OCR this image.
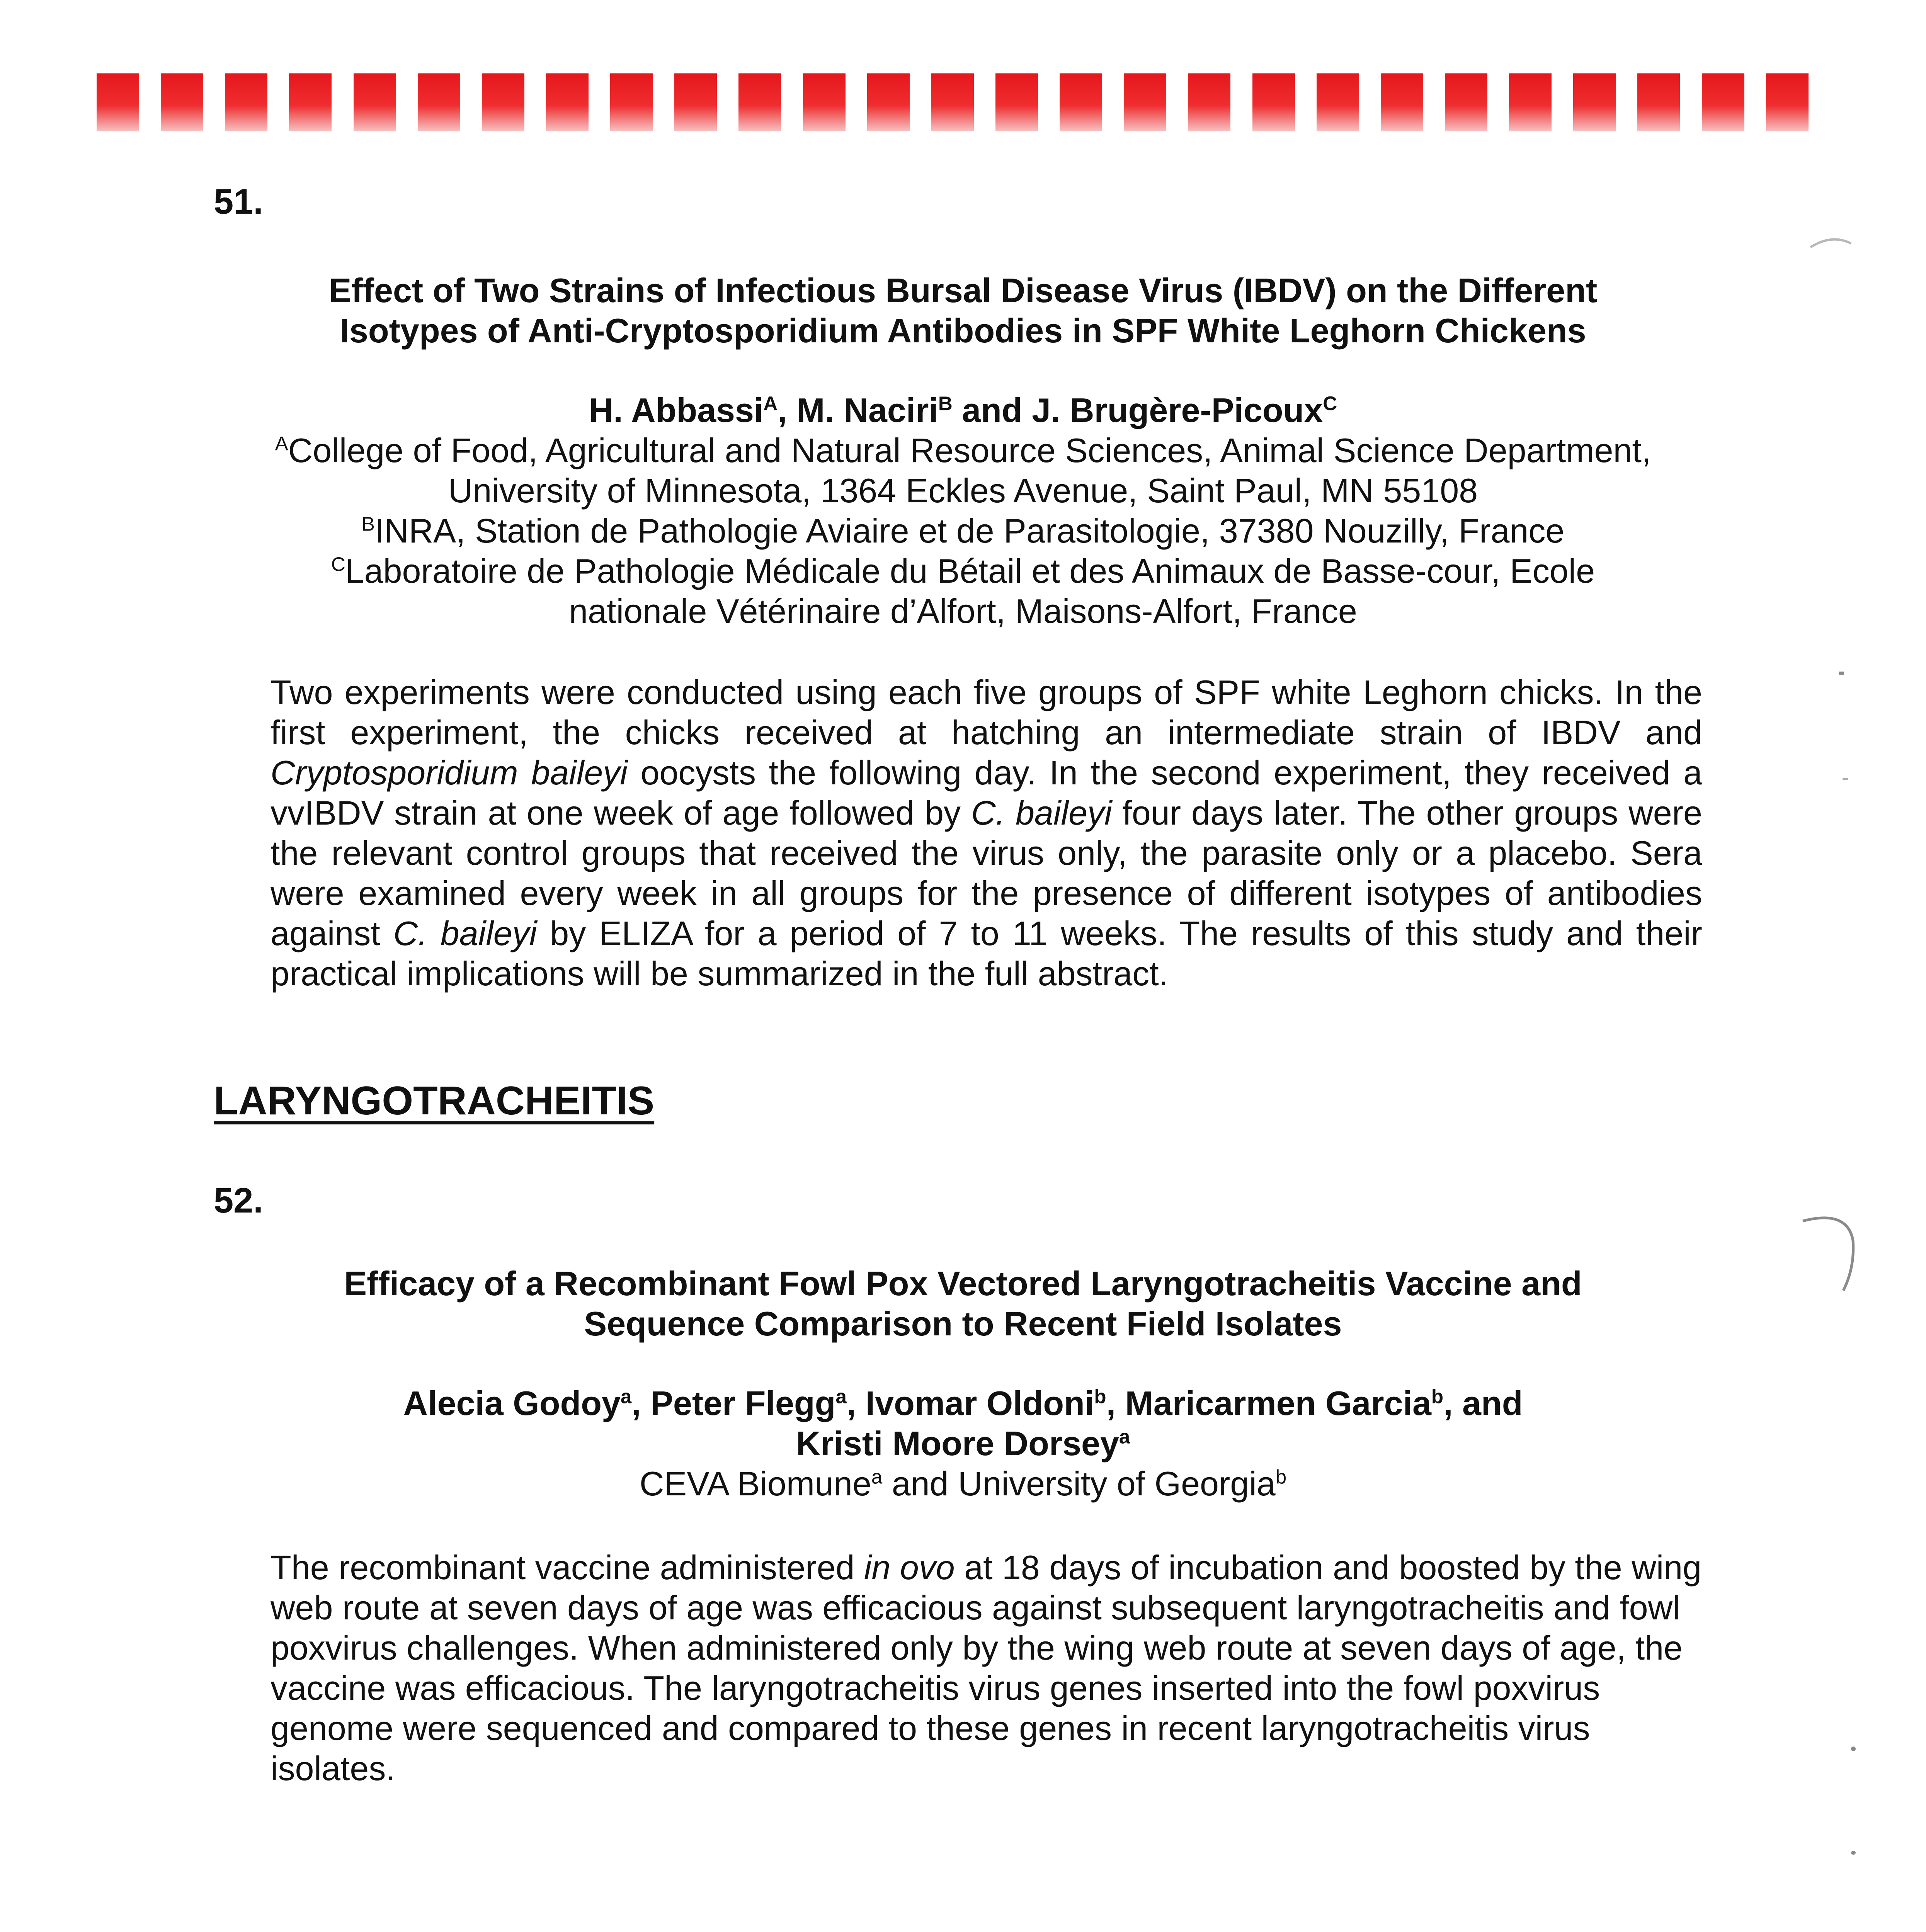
51.

Effect of Two Strains of Infectious Bursal Disease Virus (IBDV) on the Different

Isotypes of Anti-Cryptosporidium Antibodies in SPF White Leghorn Chickens

H. Abbassi$^A$, M. Naciri$^B$ and J. Brugère-Picoux$^C$

$^A$College of Food, Agricultural and Natural Resource Sciences, Animal Science Department,

University of Minnesota, 1364 Eckles Avenue, Saint Paul, MN 55108

$^B$INRA, Station de Pathologie Aviaire et de Parasitologie, 37380 Nouzilly, France

$^C$Laboratoire de Pathologie Médicale du Bétail et des Animaux de Basse-cour, Ecole

nationale Vétérinaire d’Alfort, Maisons-Alfort, France

Two experiments were conducted using each five groups of SPF white Leghorn chicks. In the first experiment, the chicks received at hatching an intermediate strain of IBDV and Cryptosporidium baileyi oocysts the following day. In the second experiment, they received a vvIBDV strain at one week of age followed by C. baileyi four days later. The other groups were the relevant control groups that received the virus only, the parasite only or a placebo. Sera were examined every week in all groups for the presence of different isotypes of antibodies against C. baileyi by ELIZA for a period of 7 to 11 weeks. The results of this study and their practical implications will be summarized in the full abstract.

LARYNGOTRACHEITIS

52.

Efficacy of a Recombinant Fowl Pox Vectored Laryngotracheitis Vaccine and

Sequence Comparison to Recent Field Isolates

Alecia Godoy$^a$, Peter Flegg$^a$, Ivomar Oldoni$^b$, Maricarmen Garcia$^b$, and

Kristi Moore Dorsey$^a$

CEVA Biomune$^a$ and University of Georgia$^b$

The recombinant vaccine administered in ovo at 18 days of incubation and boosted by the wing web route at seven days of age was efficacious against subsequent laryngotracheitis and fowl poxvirus challenges. When administered only by the wing web route at seven days of age, the vaccine was efficacious. The laryngotracheitis virus genes inserted into the fowl poxvirus genome were sequenced and compared to these genes in recent laryngotracheitis virus isolates.
